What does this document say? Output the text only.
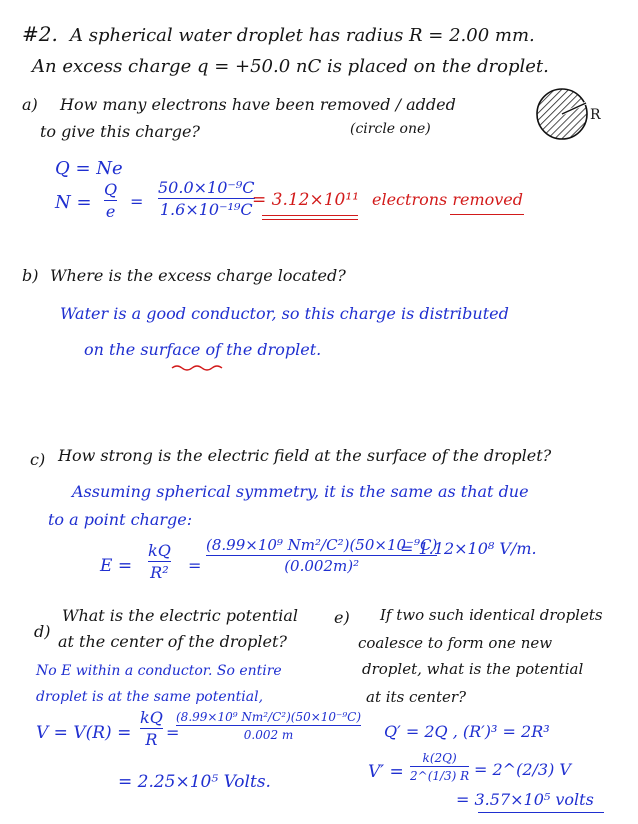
#2. A spherical water droplet has radius R = 2.00 mm.
An excess charge q = +50.0 nC is placed on the droplet.
a) How many electrons have been removed / added
to give this charge?	(circle one)
R
Q = Ne
N =
Q
e
=
50.0×10⁻⁹C
1.6×10⁻¹⁹C = 3.12×10¹¹ electrons removed
b) Where is the excess charge located?
Water is a good conductor, so this charge is distributed
on the surface of the droplet.
c) How strong is the electric field at the surface of the droplet?
Assuming spherical symmetry, it is the same as that due
to a point charge:
E =
kQ
R² =
(8.99×10⁹ Nm²/C²)(50×10⁻⁹C)
(0.002m)²
= 1.12×10⁸ V/m.
d)
What is the electric potential
at the center of the droplet?
No E within a conductor. So entire
droplet is at the same potential,
V = V(R) =
kQ
R =
(8.99×10⁹ Nm²/C²)(50×10⁻⁹C)
0.002 m
= 2.25×10⁵ Volts.
e) If two such identical droplets
coalesce to form one new
droplet, what is the potential
at its center?
Q′ = 2Q , (R′)³ = 2R³
V′ =
k(2Q)
2^(1/3) R = 2^(2/3) V
= 3.57×10⁵ volts
